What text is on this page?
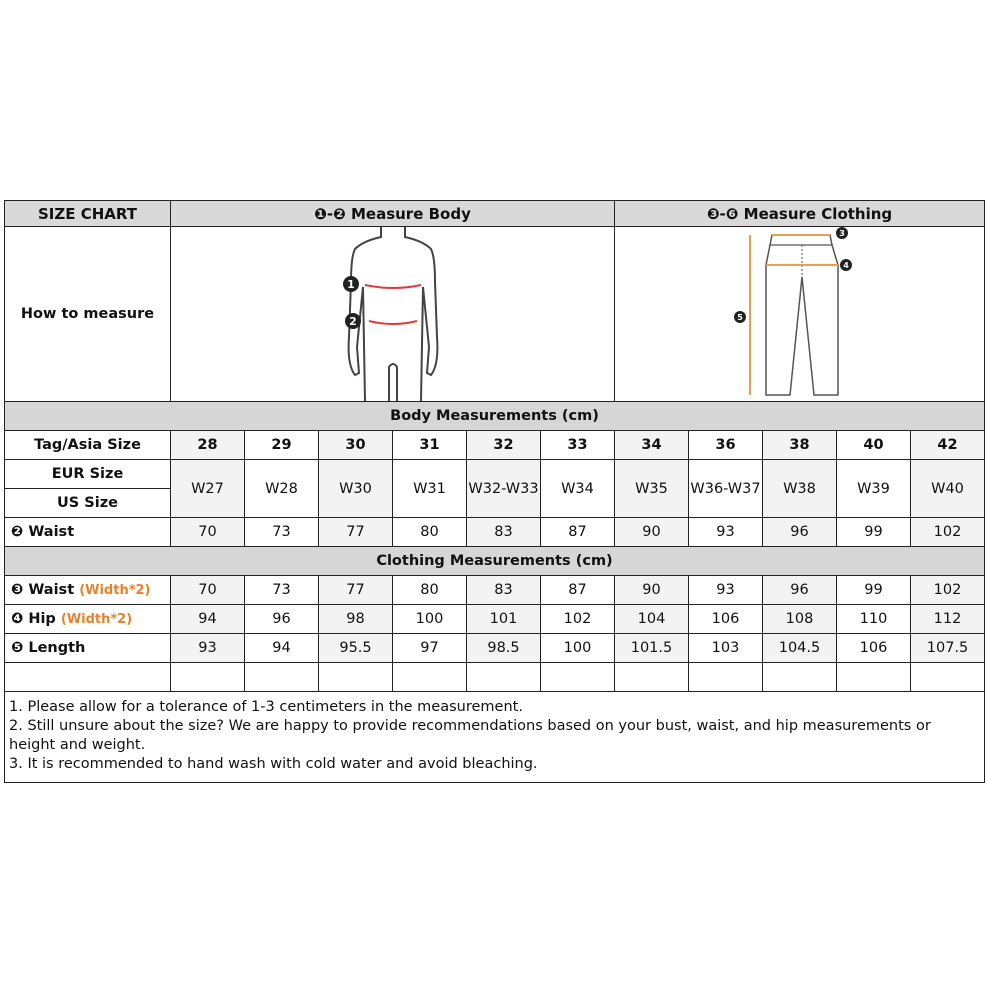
SIZE CHART	❶-❷ Measure Body						❸-❻ Measure Clothing				
How to measure	1
2						3
4
5				

Body Measurements (cm)											
Tag/Asia Size	28	29	30	31	32	33	34	36	38	40	42
EUR Size	W27	W28	W30	W31	W32-W33	W34	W35	W36-W37	W38	W39	W40
US Size											
❷ Waist	70	73	77	80	83	87	90	93	96	99	102
Clothing Measurements (cm)											
❸ Waist (Width*2)	70	73	77	80	83	87	90	93	96	99	102
❹ Hip (Width*2)	94	96	98	100	101	102	104	106	108	110	112
❺ Length	93	94	95.5	97	98.5	100	101.5	103	104.5	106	107.5

1. Please allow for a tolerance of 1-3 centimeters in the measurement.
2. Still unsure about the size? We are happy to provide recommendations based on your bust, waist, and hip measurements or height and weight.
3. It is recommended to hand wash with cold water and avoid bleaching.											
